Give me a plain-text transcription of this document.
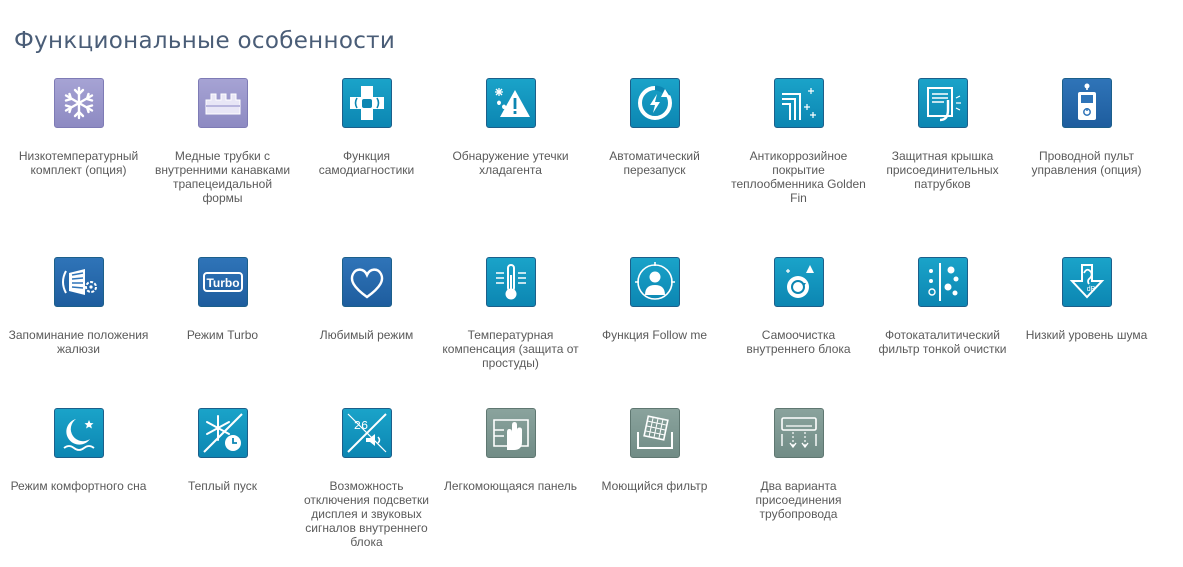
Функциональные особенности
Низкотемпературный комплект (опция)
Медные трубки с внутренними канавками трапецеидальной формы
Функция самодиагностики
Обнаружение утечки хладагента
Автоматический перезапуск
Антикоррозийное покрытие теплообменника Golden Fin
Защитная крышка присоединительных патрубков
Проводной пульт управления (опция)
Запоминание положения жалюзи
Turbo
Режим Turbo	Любимый режим	Температурная компенсация (защита от простуды)
Функция Follow me	Самоочистка внутреннего блока
Фотокаталитический фильтр тонкой очистки
dB
Низкий уровень шума
Режим комфортного сна	Теплый пуск
26
Возможность отключения подсветки дисплея и звуковых сигналов внутреннего блока
Легкомоющаяся панель	Моющийся фильтр	Два варианта присоединения трубопровода
